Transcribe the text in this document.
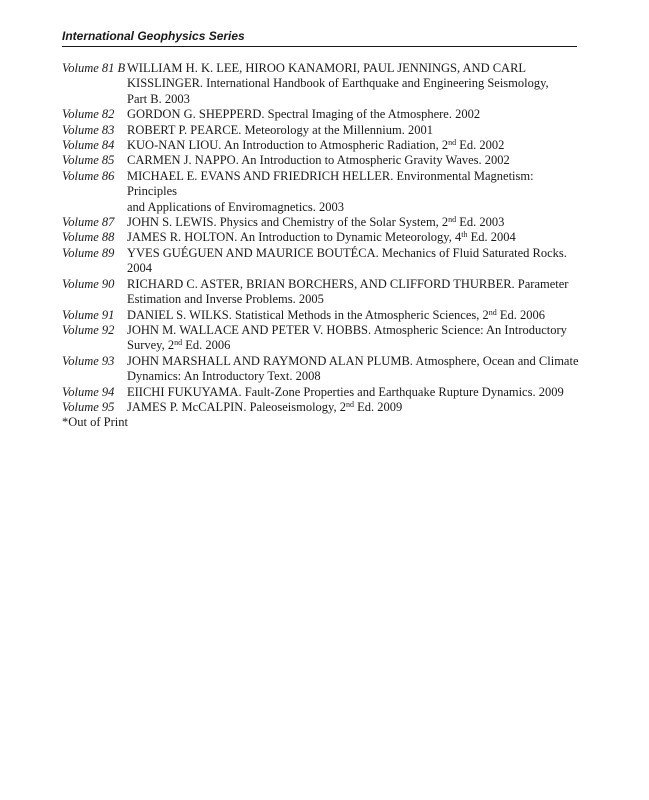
International Geophysics Series
Volume 81 B WILLIAM H. K. LEE, HIROO KANAMORI, PAUL JENNINGS, AND CARL
KISSLINGER. International Handbook of Earthquake and Engineering Seismology,
Part B. 2003
Volume 82 GORDON G. SHEPPERD. Spectral Imaging of the Atmosphere. 2002
Volume 83 ROBERT P. PEARCE. Meteorology at the Millennium. 2001
Volume 84 KUO-NAN LIOU. An Introduction to Atmospheric Radiation, 2nd Ed. 2002
Volume 85 CARMEN J. NAPPO. An Introduction to Atmospheric Gravity Waves. 2002
Volume 86 MICHAEL E. EVANS AND FRIEDRICH HELLER. Environmental Magnetism: Principles
and Applications of Enviromagnetics. 2003
Volume 87 JOHN S. LEWIS. Physics and Chemistry of the Solar System, 2nd Ed. 2003
Volume 88 JAMES R. HOLTON. An Introduction to Dynamic Meteorology, 4th Ed. 2004
Volume 89 YVES GUÉGUEN AND MAURICE BOUTÉCA. Mechanics of Fluid Saturated Rocks. 2004
Volume 90 RICHARD C. ASTER, BRIAN BORCHERS, AND CLIFFORD THURBER. Parameter
Estimation and Inverse Problems. 2005
Volume 91 DANIEL S. WILKS. Statistical Methods in the Atmospheric Sciences, 2nd Ed. 2006
Volume 92 JOHN M. WALLACE AND PETER V. HOBBS. Atmospheric Science: An Introductory
Survey, 2nd Ed. 2006
Volume 93 JOHN MARSHALL AND RAYMOND ALAN PLUMB. Atmosphere, Ocean and Climate
Dynamics: An Introductory Text. 2008
Volume 94 EIICHI FUKUYAMA. Fault-Zone Properties and Earthquake Rupture Dynamics. 2009
Volume 95 JAMES P. McCALPIN. Paleoseismology, 2nd Ed. 2009
*Out of Print
